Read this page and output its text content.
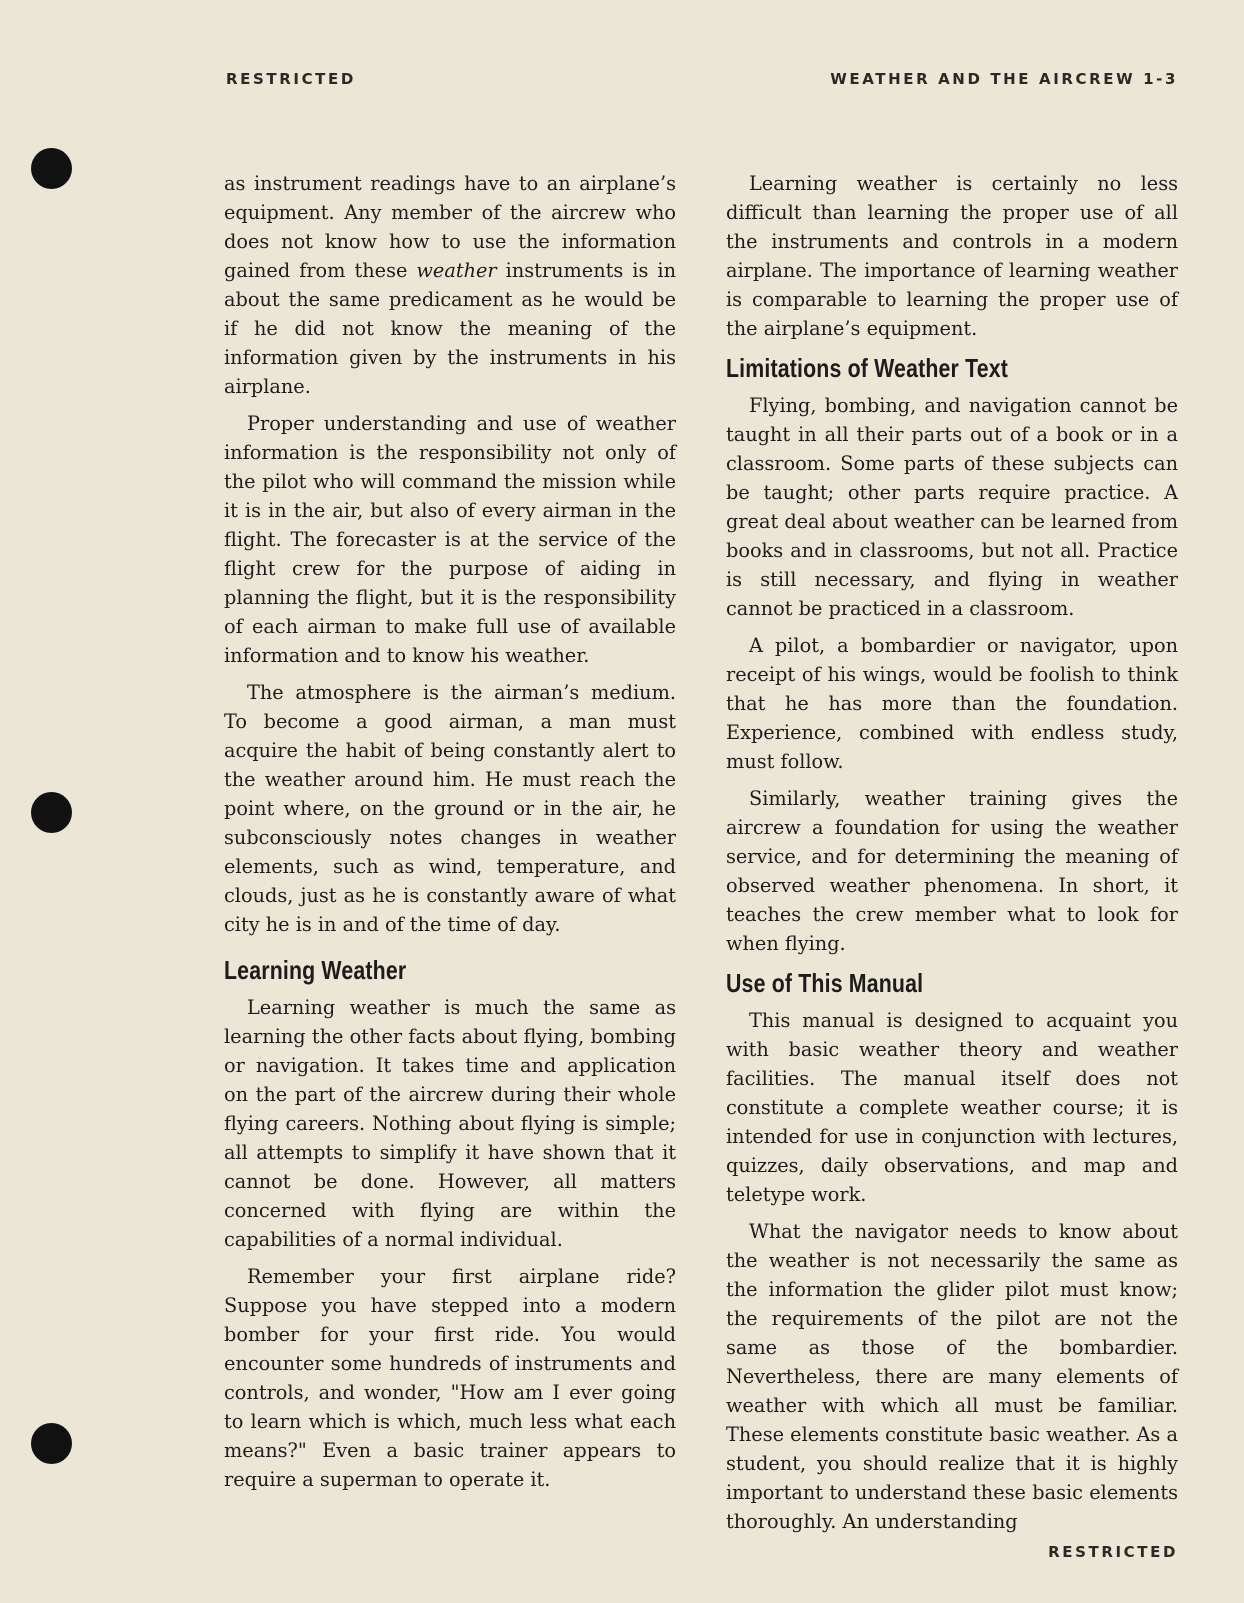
RESTRICTED	WEATHER AND THE AIRCREW 1-3

as instrument readings have to an airplane’s equipment. Any member of the aircrew who does not know how to use the information gained from these weather instruments is in about the same predicament as he would be if he did not know the meaning of the information given by the instruments in his airplane.

Proper understanding and use of weather information is the responsibility not only of the pilot who will command the mission while it is in the air, but also of every airman in the flight. The forecaster is at the service of the flight crew for the purpose of aiding in planning the flight, but it is the responsibility of each airman to make full use of available information and to know his weather.

The atmosphere is the airman’s medium. To become a good airman, a man must acquire the habit of being constantly alert to the weather around him. He must reach the point where, on the ground or in the air, he subconsciously notes changes in weather elements, such as wind, temperature, and clouds, just as he is constantly aware of what city he is in and of the time of day.

Learning Weather

Learning weather is much the same as learning the other facts about flying, bombing or navigation. It takes time and application on the part of the aircrew during their whole flying careers. Nothing about flying is simple; all attempts to simplify it have shown that it cannot be done. However, all matters concerned with flying are within the capabilities of a normal individual.

Remember your first airplane ride? Suppose you have stepped into a modern bomber for your first ride. You would encounter some hundreds of instruments and controls, and wonder, "How am I ever going to learn which is which, much less what each means?" Even a basic trainer appears to require a superman to operate it.

Learning weather is certainly no less difficult than learning the proper use of all the instruments and controls in a modern airplane. The importance of learning weather is comparable to learning the proper use of the airplane’s equipment.

Limitations of Weather Text

Flying, bombing, and navigation cannot be taught in all their parts out of a book or in a classroom. Some parts of these subjects can be taught; other parts require practice. A great deal about weather can be learned from books and in classrooms, but not all. Practice is still necessary, and flying in weather cannot be practiced in a classroom.

A pilot, a bombardier or navigator, upon receipt of his wings, would be foolish to think that he has more than the foundation. Experience, combined with endless study, must follow.

Similarly, weather training gives the aircrew a foundation for using the weather service, and for determining the meaning of observed weather phenomena. In short, it teaches the crew member what to look for when flying.

Use of This Manual

This manual is designed to acquaint you with basic weather theory and weather facilities. The manual itself does not constitute a complete weather course; it is intended for use in conjunction with lectures, quizzes, daily observations, and map and teletype work.

What the navigator needs to know about the weather is not necessarily the same as the information the glider pilot must know; the requirements of the pilot are not the same as those of the bombardier. Nevertheless, there are many elements of weather with which all must be familiar. These elements constitute basic weather. As a student, you should realize that it is highly important to understand these basic elements thoroughly. An understanding

RESTRICTED
